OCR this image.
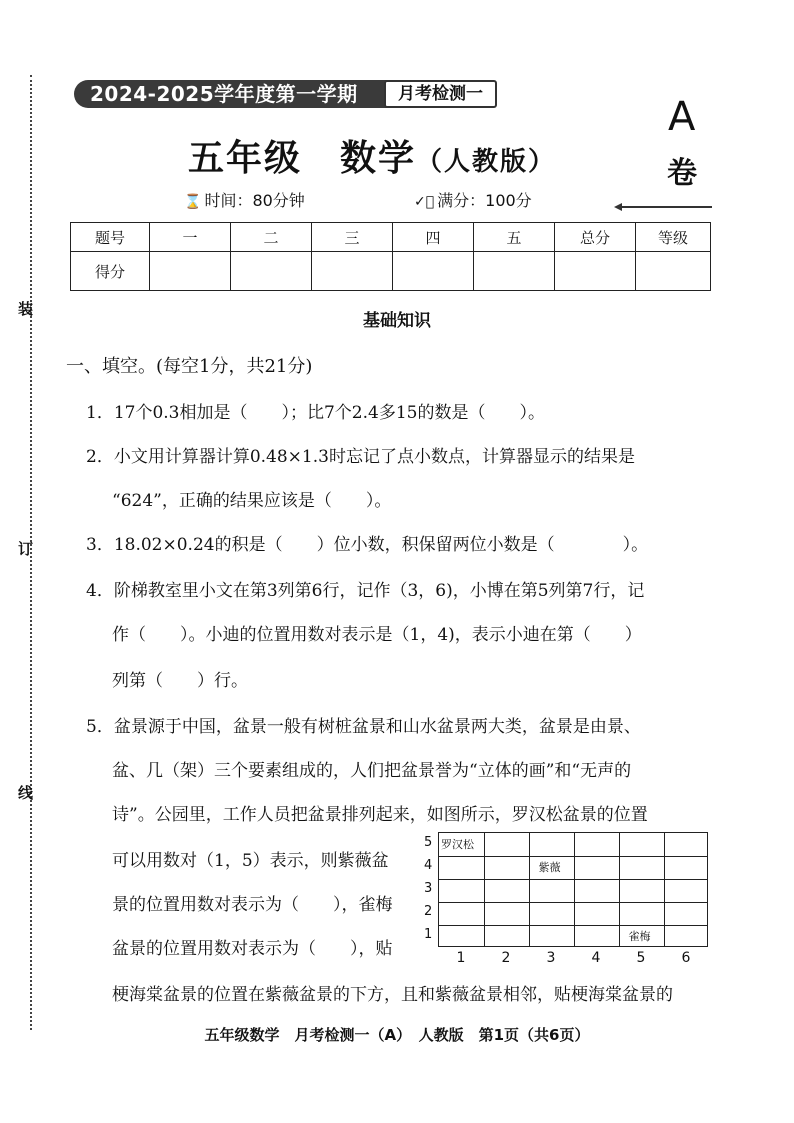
装
订
线
2024-2025学年度第一学期	月考检测一
五年级　数学（人教版）
A
卷
⌛ 时间：80分钟	✓⃝ 满分：100分
题号	一	二	三	四	五	总分	等级
得分							
基础知识
一、填空。(每空1分，共21分)
1．17个0.3相加是（　　）；比7个2.4多15的数是（　　）。
2．小文用计算器计算0.48×1.3时忘记了点小数点，计算器显示的结果是
“624”，正确的结果应该是（　　）。
3．18.02×0.24的积是（　　）位小数，积保留两位小数是（　　　　）。
4．阶梯教室里小文在第3列第6行，记作（3，6)，小博在第5列第7行，记
作（　　）。小迪的位置用数对表示是（1，4)，表示小迪在第（　　）
列第（　　）行。
5．盆景源于中国，盆景一般有树桩盆景和山水盆景两大类，盆景是由景、
盆、几（架）三个要素组成的，人们把盆景誉为“立体的画”和“无声的
诗”。公园里，工作人员把盆景排列起来，如图所示，罗汉松盆景的位置
可以用数对（1，5）表示，则紫薇盆
景的位置用数对表示为（　　），雀梅
盆景的位置用数对表示为（　　），贴
梗海棠盆景的位置在紫薇盆景的下方，且和紫薇盆景相邻，贴梗海棠盆景的
5
4
3
2
1
1	2	3	4	5	6
罗汉松
紫薇
雀梅
五年级数学　月考检测一（A）　人教版　第1页（共6页）
